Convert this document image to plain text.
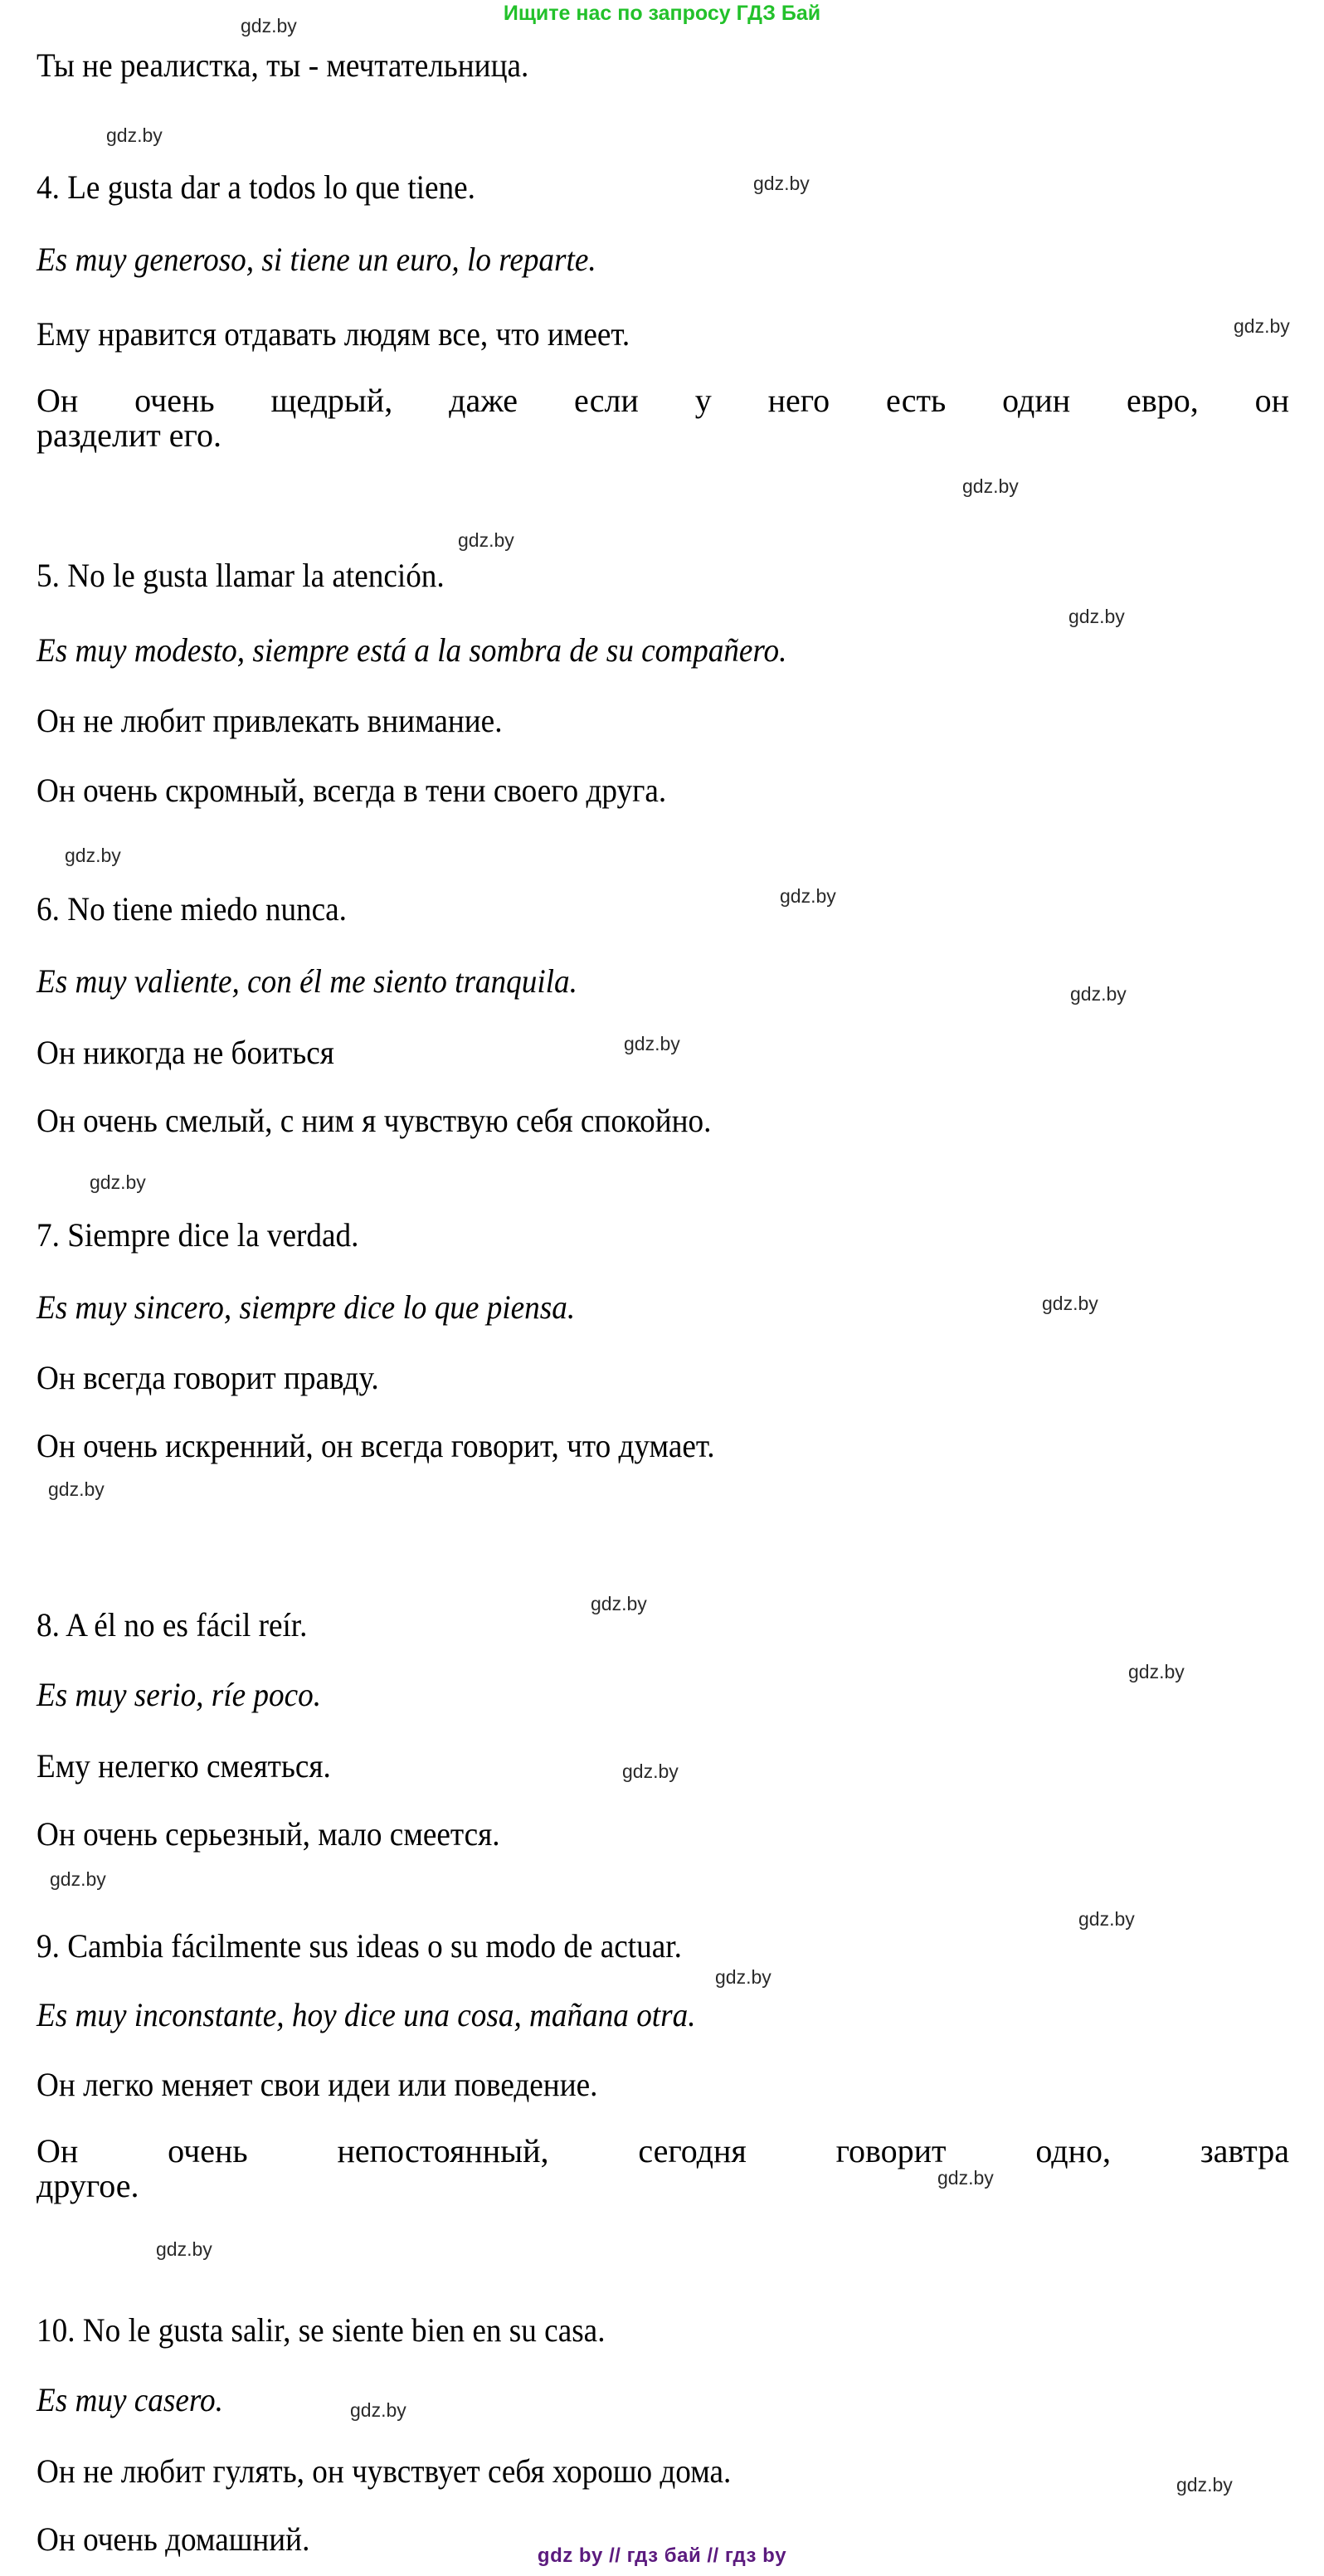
Ищите нас по запросу ГДЗ Бай
Ты не реалистка, ты - мечтательница.
4. Le gusta dar a todos lo que tiene.
Es muy generoso, si tiene un euro, lo reparte.
Ему нравится отдавать людям все, что имеет.
Он очень щедрый, даже если у него есть один евро, он
разделит его.
5. No le gusta llamar la atención.
Es muy modesto, siempre está a la sombra de su compañero.
Он не любит привлекать внимание.
Он очень скромный, всегда в тени своего друга.
6. No tiene miedo nunca.
Es muy valiente, con él me siento tranquila.
Он никогда не боиться
Он очень смелый, с ним я чувствую себя спокойно.
7. Siempre dice la verdad.
Es muy sincero, siempre dice lo que piensa.
Он всегда говорит правду.
Он очень искренний, он всегда говорит, что думает.
8. A él no es fácil reír.
Es muy serio, ríe poco.
Ему нелегко смеяться.
Он очень серьезный, мало смеется.
9. Cambia fácilmente sus ideas o su modo de actuar.
Es muy inconstante, hoy dice una cosa, mañana otra.
Он легко меняет свои идеи или поведение.
Он очень непостоянный, сегодня говорит одно, завтра
другое.
10. No le gusta salir, se siente bien en su casa.
Es muy casero.
Он не любит гулять, он чувствует себя хорошо дома.
Он очень домашний.
gdz.by
gdz.by
gdz.by
gdz.by
gdz.by
gdz.by
gdz.by
gdz.by
gdz.by
gdz.by
gdz.by
gdz.by
gdz.by
gdz.by
gdz.by
gdz.by
gdz.by
gdz.by
gdz.by
gdz.by
gdz.by
gdz.by
gdz.by
gdz.by
gdz by // гдз бай // гдз by
